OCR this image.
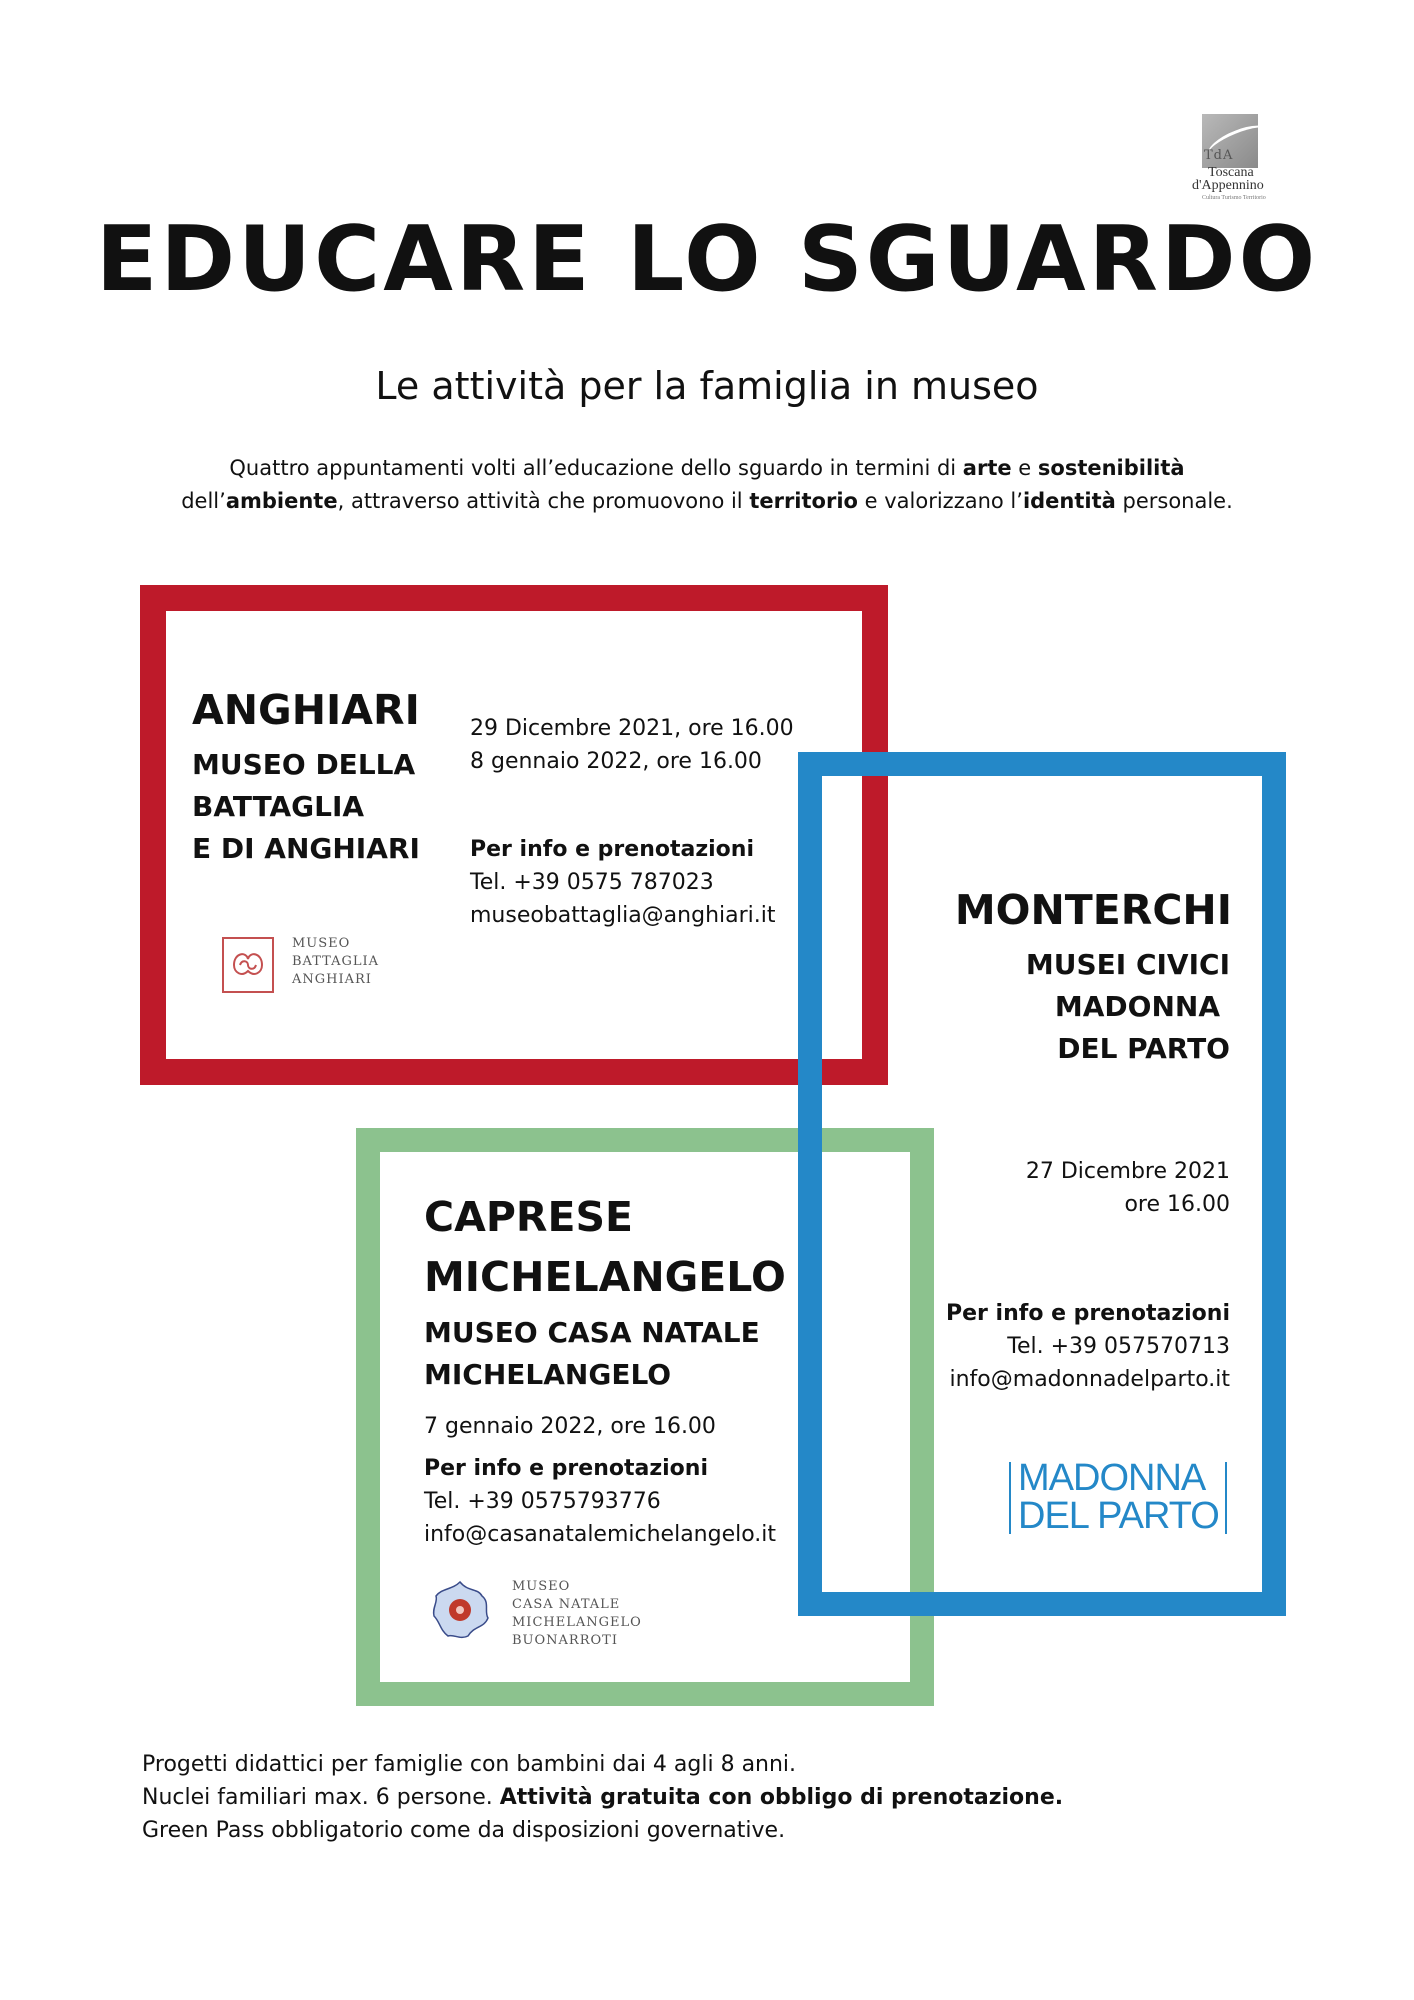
TdA
Toscana
d'Appennino
Cultura Turismo Territorio
EDUCARE LO SGUARDO
Le attività per la famiglia in museo
Quattro appuntamenti volti all’educazione dello sguardo in termini di arte e sostenibilità
dell’ambiente, attraverso attività che promuovono il territorio e valorizzano l’identità personale.
ANGHIARI
MUSEO DELLA
BATTAGLIA
E DI ANGHIARI
29 Dicembre 2021, ore 16.00
8 gennaio 2022, ore 16.00
Per info e prenotazioni
Tel. +39 0575 787023
museobattaglia@anghiari.it
MUSEO
BATTAGLIA
ANGHIARI
MONTERCHI
MUSEI CIVICI
MADONNA
DEL PARTO
27 Dicembre 2021
ore 16.00
Per info e prenotazioni
Tel. +39 057570713
info@madonnadelparto.it
MADONNA
DEL PARTO
CAPRESE
MICHELANGELO
MUSEO CASA NATALE
MICHELANGELO
7 gennaio 2022, ore 16.00
Per info e prenotazioni
Tel. +39 0575793776
info@casanatalemichelangelo.it
MUSEO
CASA NATALE
MICHELANGELO
BUONARROTI
Progetti didattici per famiglie con bambini dai 4 agli 8 anni.
Nuclei familiari max. 6 persone. Attività gratuita con obbligo di prenotazione.
Green Pass obbligatorio come da disposizioni governative.
